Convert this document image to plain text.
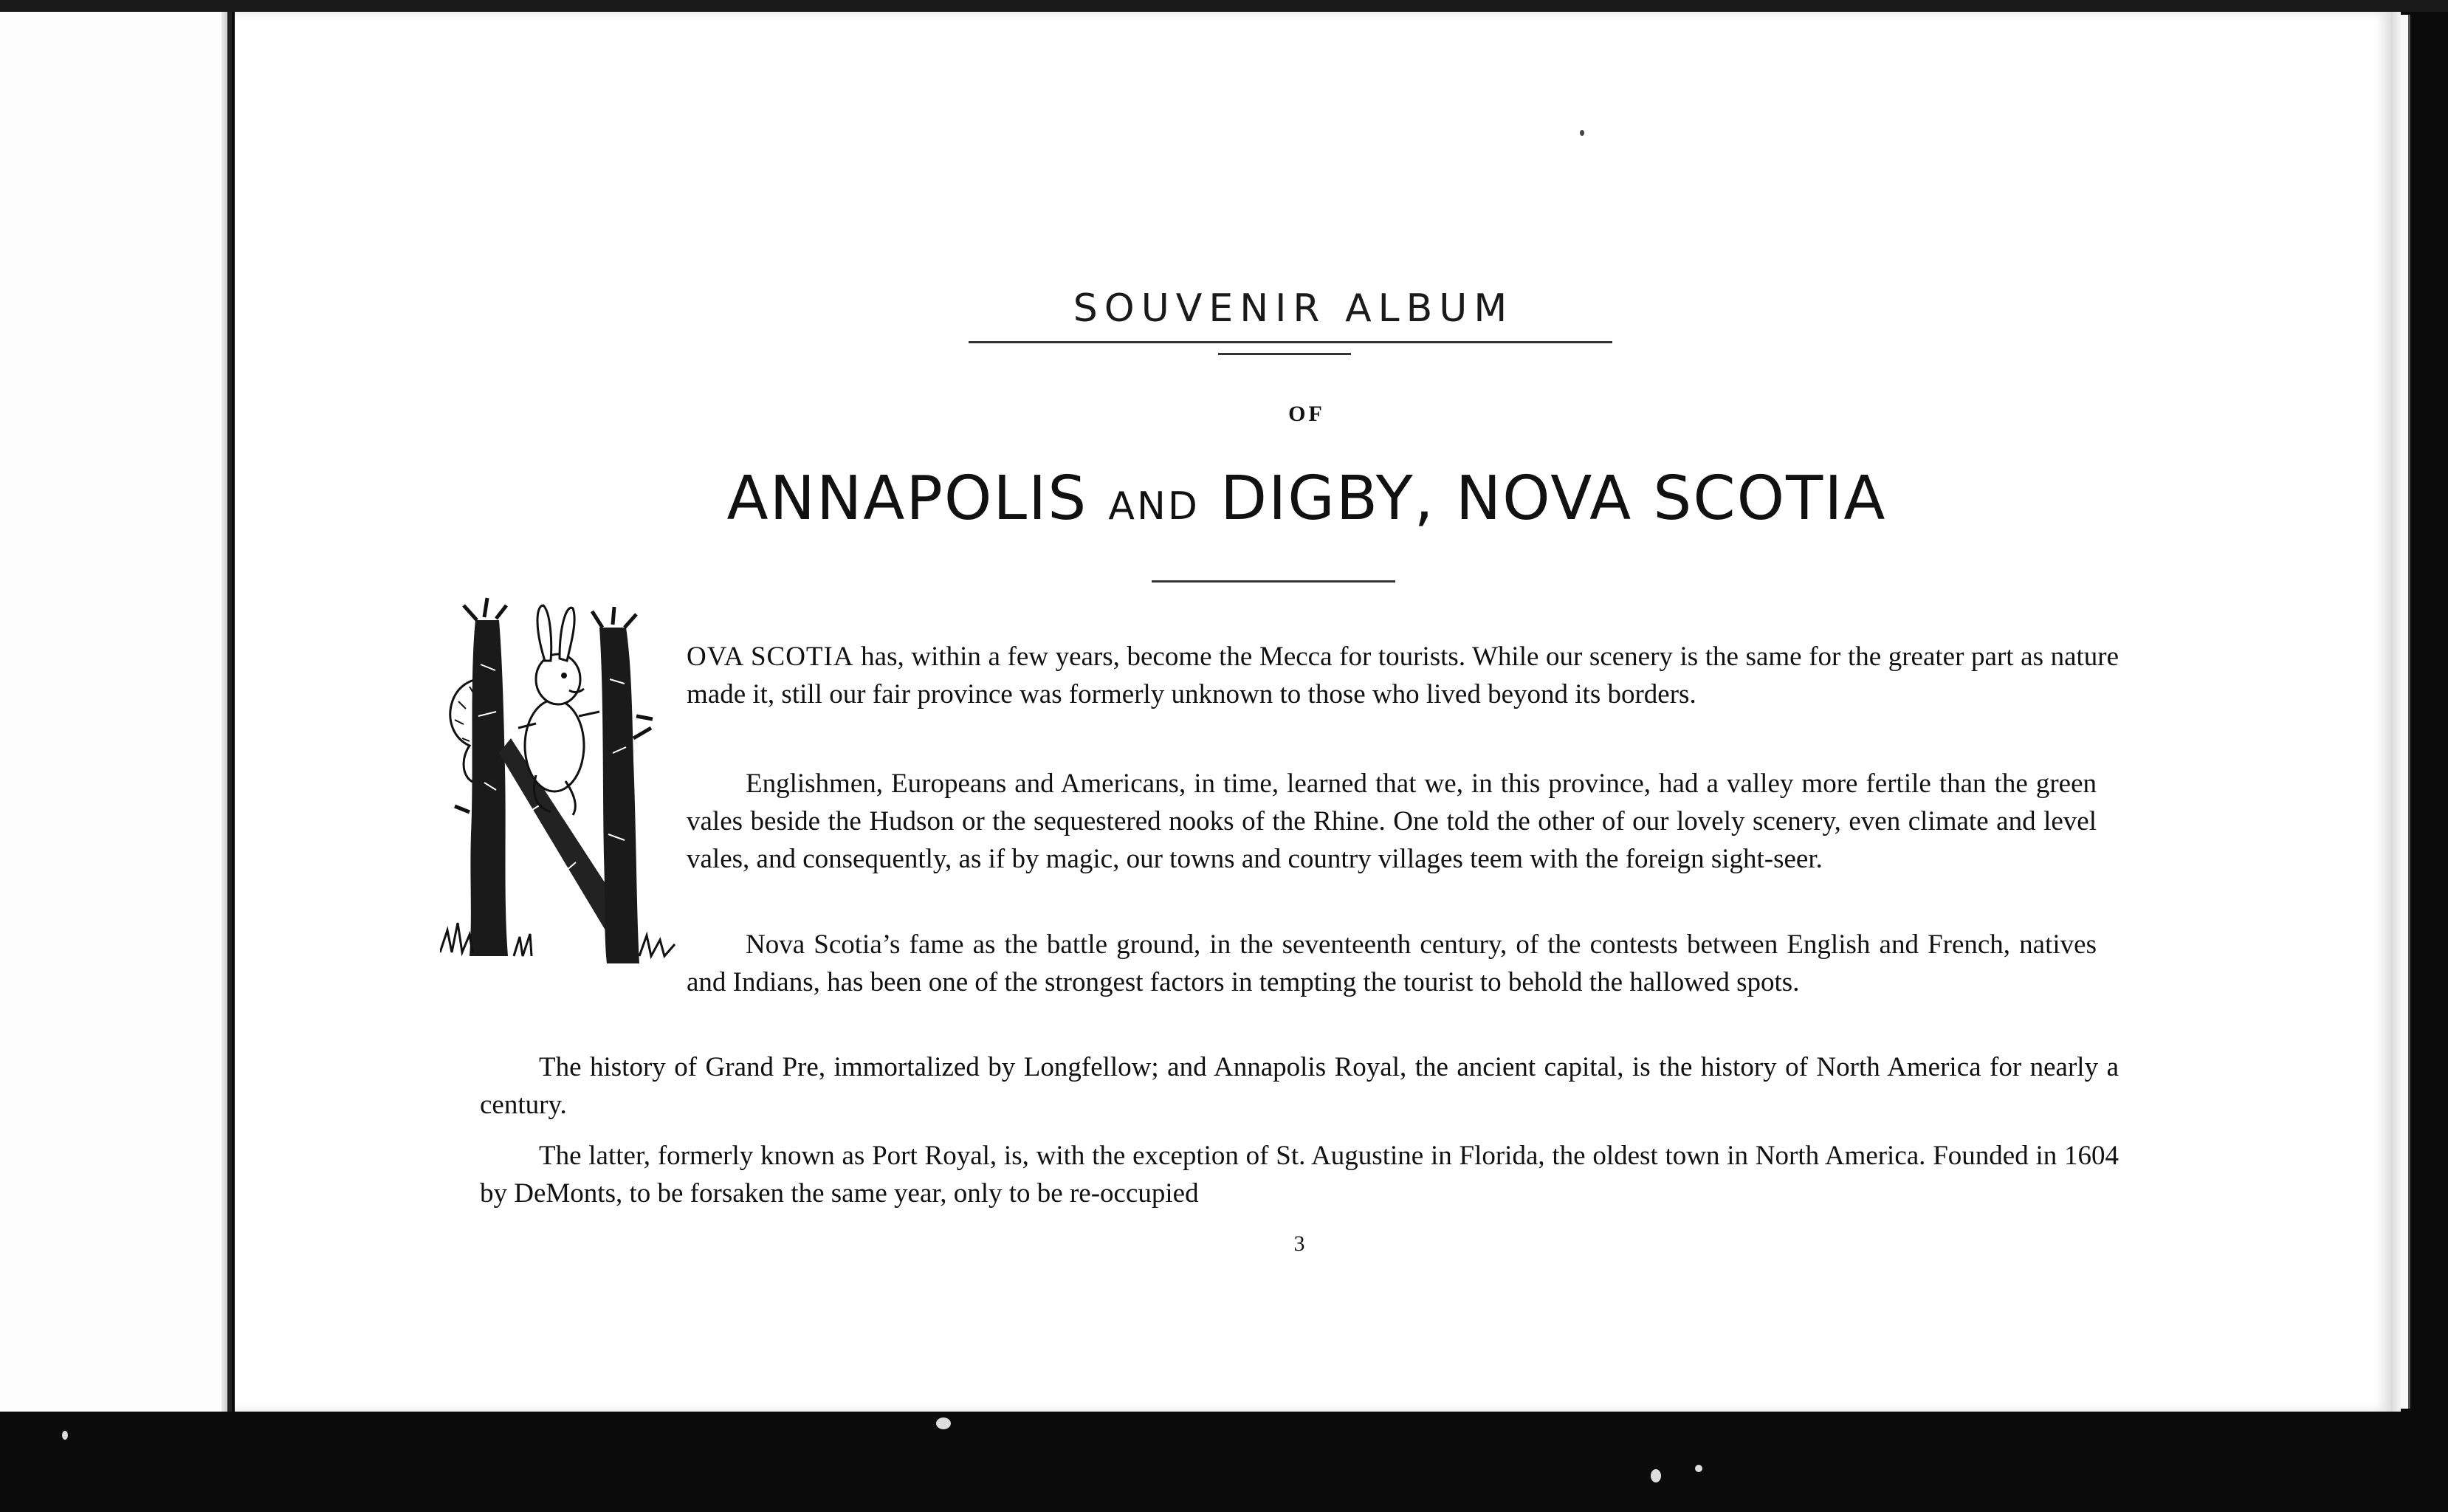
SOUVENIR ALBUM
OF
ANNAPOLIS AND DIGBY, NOVA SCOTIA

OVA SCOTIA has, within a few years, become the Mecca for tourists. While our scenery is the same for the greater part as nature made it, still our fair province was formerly unknown to those who lived beyond its borders.

Englishmen, Europeans and Americans, in time, learned that we, in this province, had a valley more fertile than the green vales beside the Hudson or the sequestered nooks of the Rhine. One told the other of our lovely scenery, even climate and level vales, and consequently, as if by magic, our towns and country villages teem with the foreign sight-seer.

Nova Scotia’s fame as the battle ground, in the seventeenth century, of the contests between English and French, natives and Indians, has been one of the strongest factors in tempting the tourist to behold the hallowed spots.

The history of Grand Pre, immortalized by Longfellow; and Annapolis Royal, the ancient capital, is the history of North America for nearly a century.

The latter, formerly known as Port Royal, is, with the exception of St. Augustine in Florida, the oldest town in North America. Founded in 1604 by DeMonts, to be forsaken the same year, only to be re-occupied

3
